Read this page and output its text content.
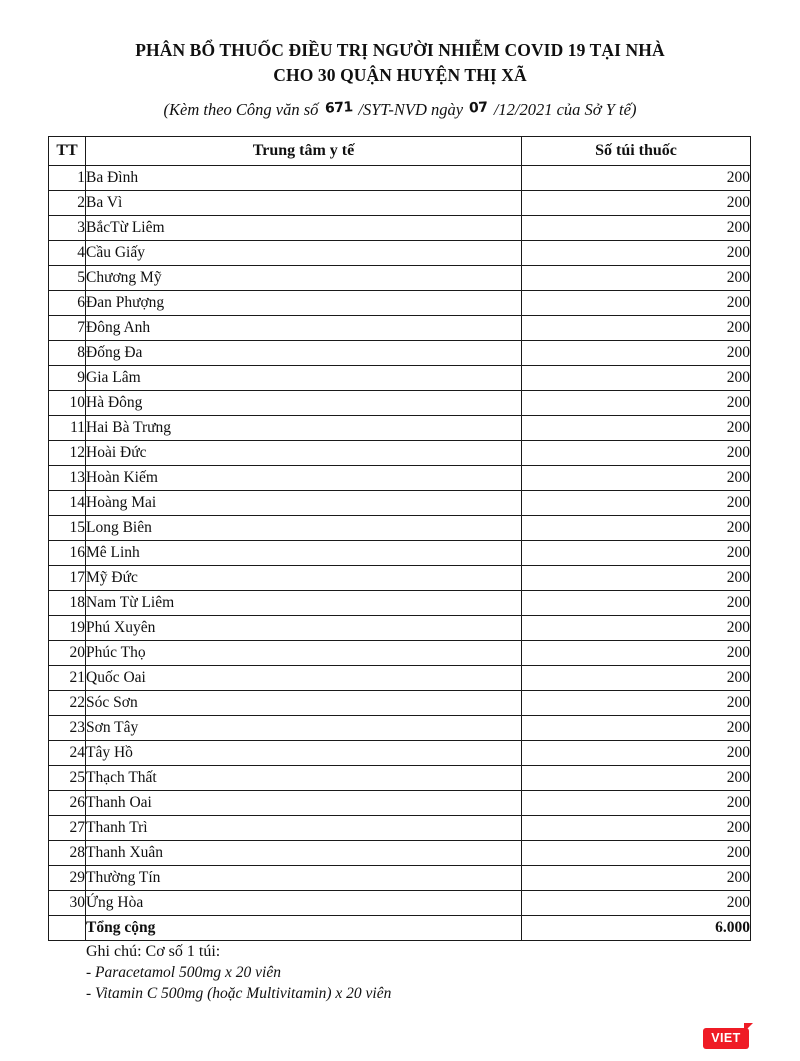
PHÂN BỔ THUỐC ĐIỀU TRỊ NGƯỜI NHIỄM COVID 19 TẠI NHÀ
CHO 30 QUẬN HUYỆN THỊ XÃ
(Kèm theo Công văn số 671 /SYT-NVD ngày 07 /12/2021 của Sở Y tế)
TT	Trung tâm y tế	Số túi thuốc
1	Ba Đình	200
2	Ba Vì	200
3	BắcTừ Liêm	200
4	Cầu Giấy	200
5	Chương Mỹ	200
6	Đan Phượng	200
7	Đông Anh	200
8	Đống Đa	200
9	Gia Lâm	200
10	Hà Đông	200
11	Hai Bà Trưng	200
12	Hoài Đức	200
13	Hoàn Kiếm	200
14	Hoàng Mai	200
15	Long Biên	200
16	Mê Linh	200
17	Mỹ Đức	200
18	Nam Từ Liêm	200
19	Phú Xuyên	200
20	Phúc Thọ	200
21	Quốc Oai	200
22	Sóc Sơn	200
23	Sơn Tây	200
24	Tây Hồ	200
25	Thạch Thất	200
26	Thanh Oai	200
27	Thanh Trì	200
28	Thanh Xuân	200
29	Thường Tín	200
30	Ứng Hòa	200
	Tổng cộng	6.000
Ghi chú: Cơ số 1 túi:
- Paracetamol 500mg x 20 viên
- Vitamin C 500mg (hoặc Multivitamin) x 20 viên
VIET
